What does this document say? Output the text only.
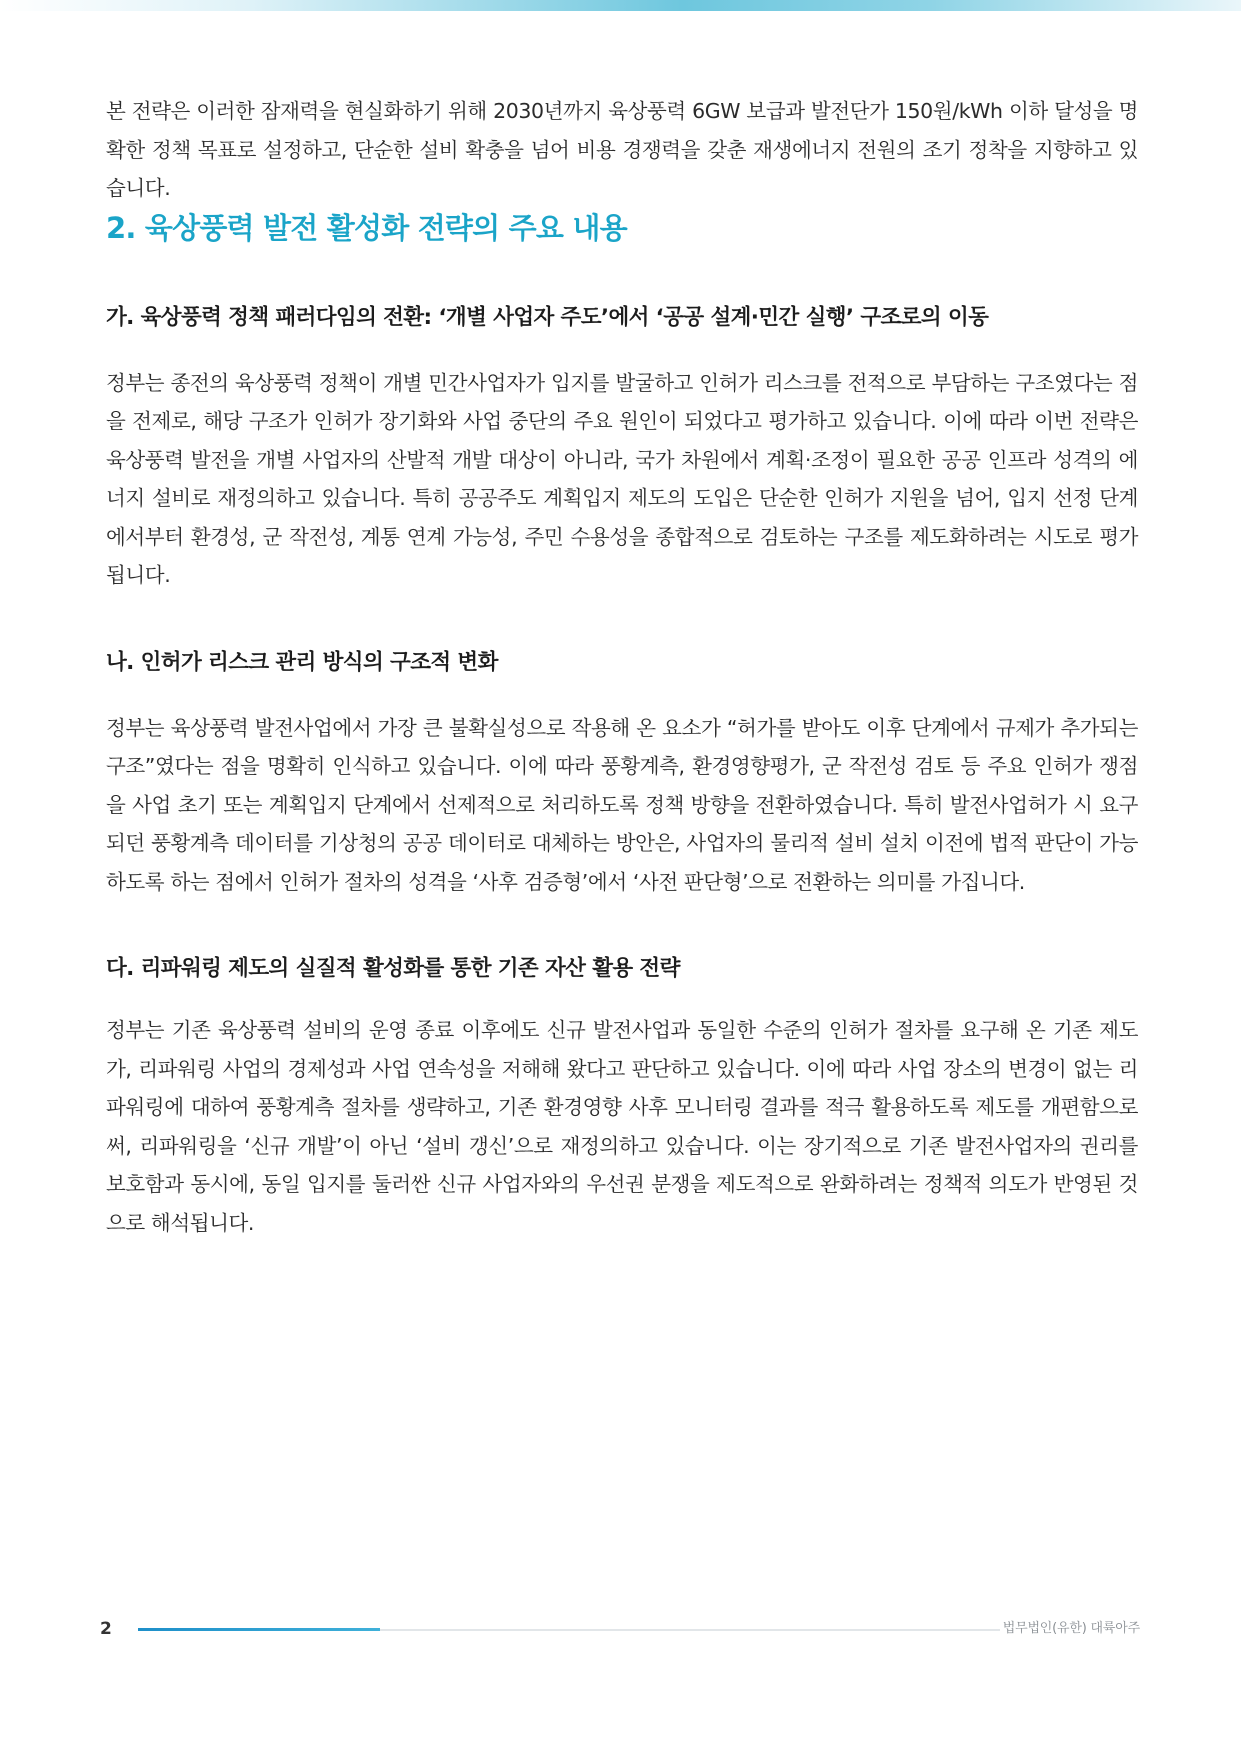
본 전략은 이러한 잠재력을 현실화하기 위해 2030년까지 육상풍력 6GW 보급과 발전단가 150원/kWh 이하 달성을 명확한 정책 목표로 설정하고, 단순한 설비 확충을 넘어 비용 경쟁력을 갖춘 재생에너지 전원의 조기 정착을 지향하고 있습니다.

2. 육상풍력 발전 활성화 전략의 주요 내용
가. 육상풍력 정책 패러다임의 전환: ‘개별 사업자 주도’에서 ‘공공 설계·민간 실행’ 구조로의 이동

정부는 종전의 육상풍력 정책이 개별 민간사업자가 입지를 발굴하고 인허가 리스크를 전적으로 부담하는 구조였다는 점을 전제로, 해당 구조가 인허가 장기화와 사업 중단의 주요 원인이 되었다고 평가하고 있습니다. 이에 따라 이번 전략은 육상풍력 발전을 개별 사업자의 산발적 개발 대상이 아니라, 국가 차원에서 계획·조정이 필요한 공공 인프라 성격의 에너지 설비로 재정의하고 있습니다. 특히 공공주도 계획입지 제도의 도입은 단순한 인허가 지원을 넘어, 입지 선정 단계에서부터 환경성, 군 작전성, 계통 연계 가능성, 주민 수용성을 종합적으로 검토하는 구조를 제도화하려는 시도로 평가됩니다.

나. 인허가 리스크 관리 방식의 구조적 변화

정부는 육상풍력 발전사업에서 가장 큰 불확실성으로 작용해 온 요소가 “허가를 받아도 이후 단계에서 규제가 추가되는 구조”였다는 점을 명확히 인식하고 있습니다. 이에 따라 풍황계측, 환경영향평가, 군 작전성 검토 등 주요 인허가 쟁점을 사업 초기 또는 계획입지 단계에서 선제적으로 처리하도록 정책 방향을 전환하였습니다. 특히 발전사업허가 시 요구되던 풍황계측 데이터를 기상청의 공공 데이터로 대체하는 방안은, 사업자의 물리적 설비 설치 이전에 법적 판단이 가능하도록 하는 점에서 인허가 절차의 성격을 ‘사후 검증형’에서 ‘사전 판단형’으로 전환하는 의미를 가집니다.

다. 리파워링 제도의 실질적 활성화를 통한 기존 자산 활용 전략

정부는 기존 육상풍력 설비의 운영 종료 이후에도 신규 발전사업과 동일한 수준의 인허가 절차를 요구해 온 기존 제도가, 리파워링 사업의 경제성과 사업 연속성을 저해해 왔다고 판단하고 있습니다. 이에 따라 사업 장소의 변경이 없는 리파워링에 대하여 풍황계측 절차를 생략하고, 기존 환경영향 사후 모니터링 결과를 적극 활용하도록 제도를 개편함으로써, 리파워링을 ‘신규 개발’이 아닌 ‘설비 갱신’으로 재정의하고 있습니다. 이는 장기적으로 기존 발전사업자의 권리를 보호함과 동시에, 동일 입지를 둘러싼 신규 사업자와의 우선권 분쟁을 제도적으로 완화하려는 정책적 의도가 반영된 것으로 해석됩니다.

2	법무법인(유한) 대륙아주
